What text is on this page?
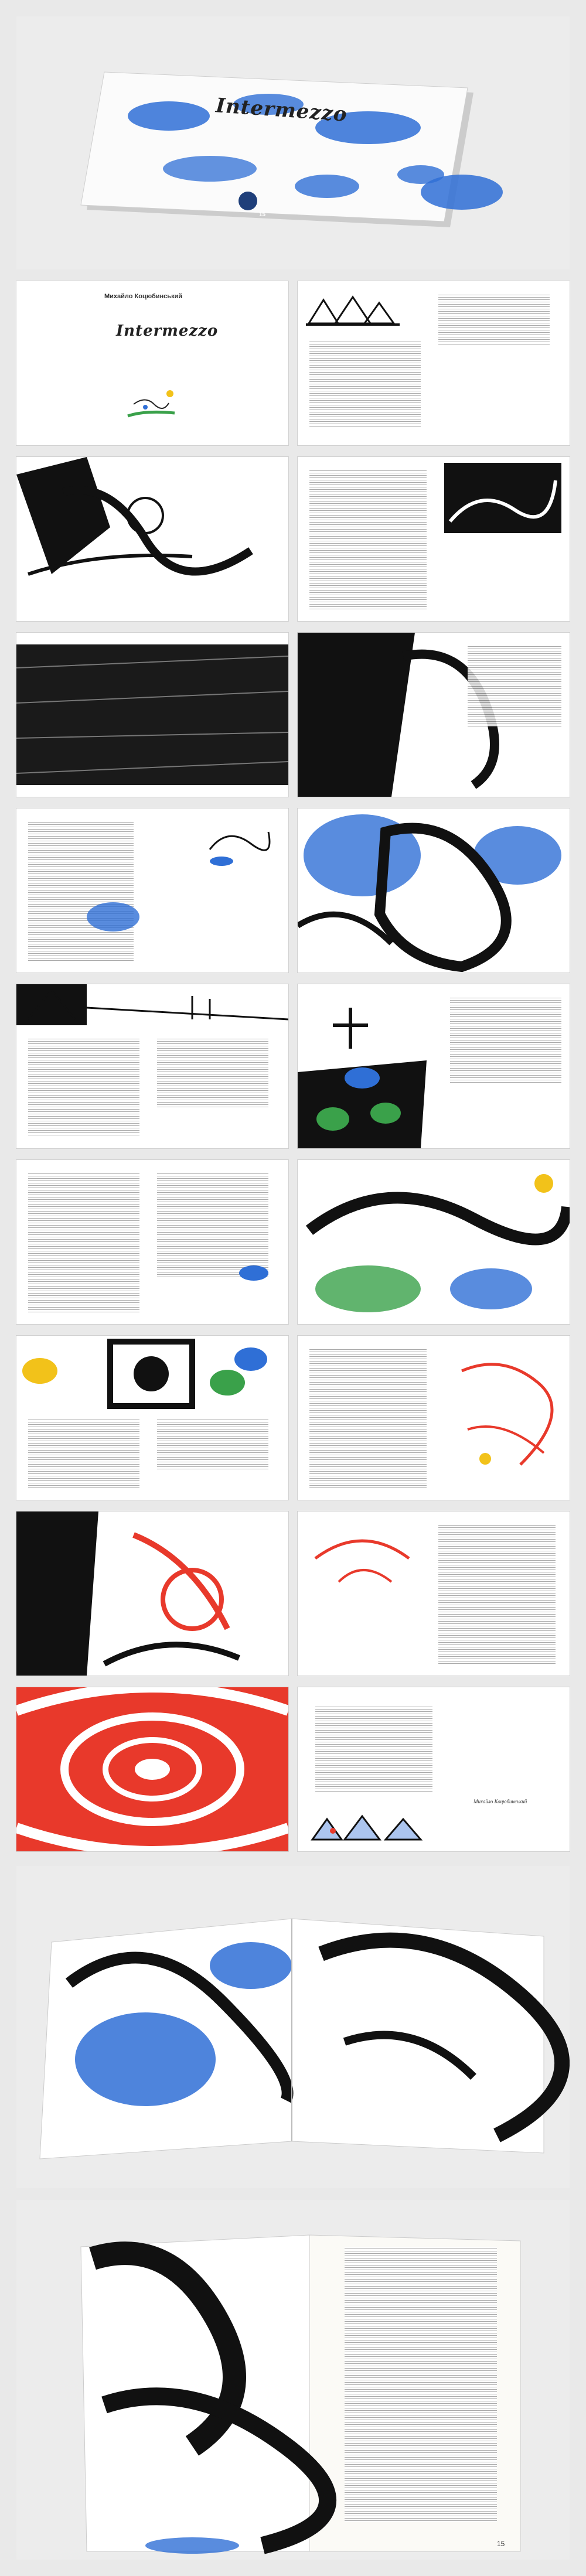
Intermezzo
15
Михайло Коцюбинський
Intermezzo
Михайло Коцюбинський
15
